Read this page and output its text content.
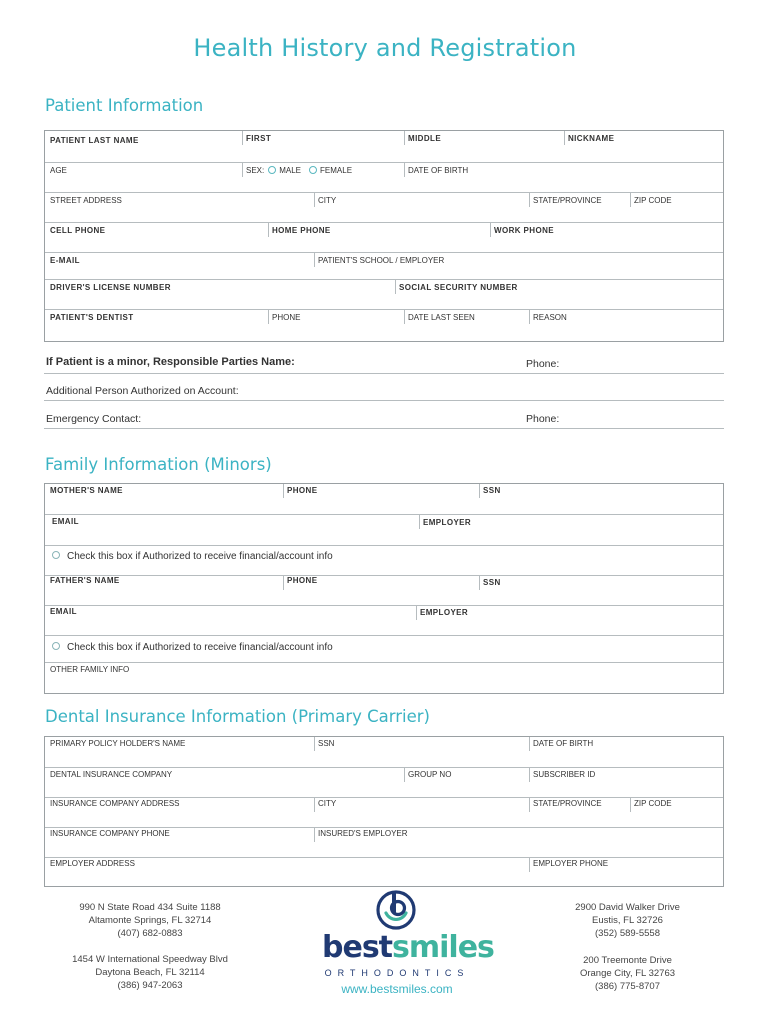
Health History and Registration
Patient Information
PATIENT LAST NAME	FIRST	MIDDLE	NICKNAME
AGE	SEX: MALE FEMALE	DATE OF BIRTH
STREET ADDRESS	CITY	STATE/PROVINCE	ZIP CODE
CELL PHONE	HOME PHONE	WORK PHONE
E-MAIL	PATIENT'S SCHOOL / EMPLOYER
DRIVER'S LICENSE NUMBER	SOCIAL SECURITY NUMBER
PATIENT'S DENTIST	PHONE	DATE LAST SEEN	REASON
If Patient is a minor, Responsible Parties Name:	Phone:
Additional Person Authorized on Account:
Emergency Contact:	Phone:
Family Information (Minors)
MOTHER'S NAME	PHONE	SSN
EMAIL	EMPLOYER
Check this box if Authorized to receive financial/account info
FATHER'S NAME	PHONE	SSN
EMAIL	EMPLOYER
Check this box if Authorized to receive financial/account info
OTHER FAMILY INFO
Dental Insurance Information (Primary Carrier)
PRIMARY POLICY HOLDER'S NAME	SSN	DATE OF BIRTH
DENTAL INSURANCE COMPANY	GROUP NO	SUBSCRIBER ID
INSURANCE COMPANY ADDRESS	CITY	STATE/PROVINCE	ZIP CODE
INSURANCE COMPANY PHONE	INSURED'S EMPLOYER
EMPLOYER ADDRESS	EMPLOYER PHONE
990 N State Road 434 Suite 1188
Altamonte Springs, FL 32714
(407) 682-0883
1454 W International Speedway Blvd
Daytona Beach, FL 32114
(386) 947-2063
2900 David Walker Drive
Eustis, FL 32726
(352) 589-5558
200 Treemonte Drive
Orange City, FL 32763
(386) 775-8707
bestsmiles
ORTHODONTICS
www.bestsmiles.com
